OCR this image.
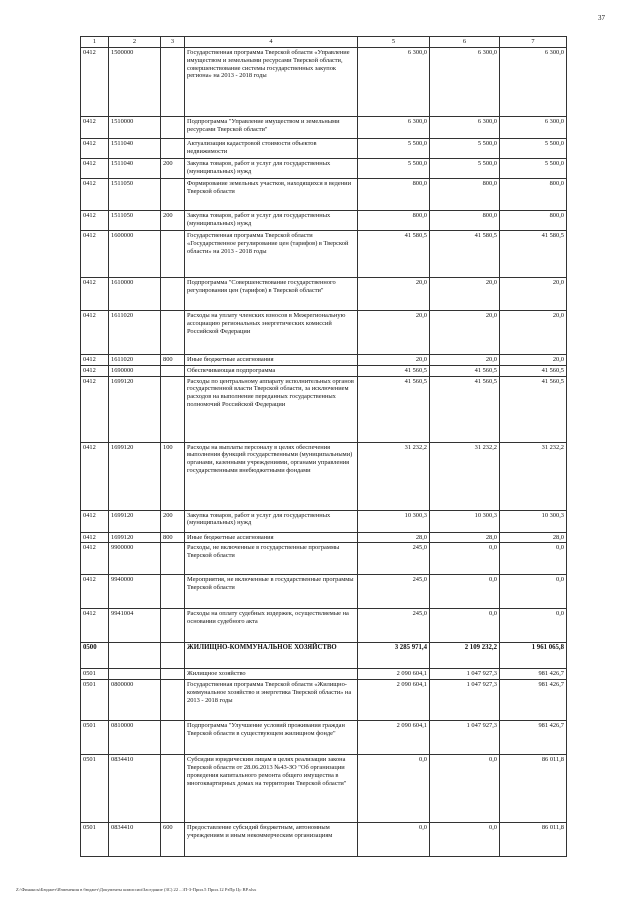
37
1	2	3	4	5	6	7
0412	1500000		Государственная программа Тверской области «Управление имуществом и земельными ресурсами Тверской области, совершенствование системы государственных закупок региона» на 2013 - 2018 годы	6 300,0	6 300,0	6 300,0
0412	1510000		Подпрограмма "Управление имуществом и земельными ресурсами Тверской области"	6 300,0	6 300,0	6 300,0
0412	1511040		Актуализация кадастровой стоимости объектов недвижимости	5 500,0	5 500,0	5 500,0
0412	1511040	200	Закупка товаров, работ и услуг для государственных (муниципальных) нужд	5 500,0	5 500,0	5 500,0
0412	1511050		Формирование земельных участков, находящихся в ведении Тверской области	800,0	800,0	800,0
0412	1511050	200	Закупка товаров, работ и услуг для государственных (муниципальных) нужд	800,0	800,0	800,0
0412	1600000		Государственная программа Тверской области «Государственное регулирование цен (тарифов) в Тверской области» на 2013 - 2018 годы	41 580,5	41 580,5	41 580,5
0412	1610000		Подпрограмма "Совершенствование государственного регулирования цен (тарифов) в Тверской области"	20,0	20,0	20,0
0412	1611020		Расходы на уплату членских взносов в Межрегиональную ассоциацию региональных энергетических комиссий Российской Федерации	20,0	20,0	20,0
0412	1611020	800	Иные бюджетные ассигнования	20,0	20,0	20,0
0412	1690000		Обеспечивающая подпрограмма	41 560,5	41 560,5	41 560,5
0412	1699120		Расходы по центральному аппарату исполнительных органов государственной власти Тверской области, за исключением расходов на выполнение переданных государственных полномочий Российской Федерации	41 560,5	41 560,5	41 560,5
0412	1699120	100	Расходы на выплаты персоналу в целях обеспечения выполнения функций государственными (муниципальными) органами, казенными учреждениями, органами управления государственными внебюджетными фондами	31 232,2	31 232,2	31 232,2
0412	1699120	200	Закупка товаров, работ и услуг для государственных (муниципальных) нужд	10 300,3	10 300,3	10 300,3
0412	1699120	800	Иные бюджетные ассигнования	28,0	28,0	28,0
0412	9900000		Расходы, не включенные в государственные программы Тверской области	245,0	0,0	0,0
0412	9940000		Мероприятия, не включенные в государственные программы Тверской области	245,0	0,0	0,0
0412	9941004		Расходы на оплату судебных издержек, осуществляемые на основании судебного акта	245,0	0,0	0,0
0500			ЖИЛИЩНО-КОММУНАЛЬНОЕ ХОЗЯЙСТВО	3 285 971,4	2 109 232,2	1 961 065,8
0501			Жилищное хозяйство	2 090 604,1	1 047 927,3	981 426,7
0501	0800000		Государственная программа Тверской области «Жилищно-коммунальное хозяйство и энергетика Тверской области» на 2013 - 2018 годы	2 090 604,1	1 047 927,3	981 426,7
0501	0810000		Подпрограмма "Улучшение условий проживания граждан Тверской области в существующем жилищном фонде"	2 090 604,1	1 047 927,3	981 426,7
0501	0834410		Субсидии юридическим лицам в целях реализации закона Тверской области от 28.06.2013 №43-ЗО "Об организации проведения капитального ремонта общего имущества в многоквартирных домах на территории Тверской области"	0,0	0,0	86 011,8
0501	0834410	600	Предоставление субсидий бюджетным, автономным учреждениям и иным некоммерческим организациям	0,0	0,0	86 011,8
Z:\Финансы\Бюджет\Изменения в бюджет\Документы комиссии\Заседание (ЗС) 22 ...\П-3-Прил.5 Прил.12 РзПр Цс ВР.xlsx
